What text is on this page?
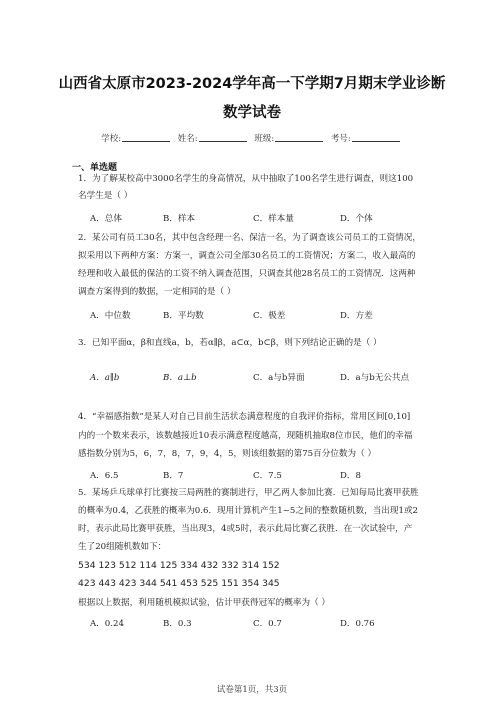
山西省太原市2023-2024学年高一下学期7月期末学业诊断
数学试卷
学校:	姓名:	班级:	考号:
一、单选题
1．为了解某校高中3000名学生的身高情况，从中抽取了100名学生进行调查，则这100
名学生是（ ）
A．总体	B．样本	C．样本量	D．个体
2．某公司有员工30名，其中包含经理一名、保洁一名，为了调查该公司员工的工资情况，
拟采用以下两种方案：方案一，调查公司全部30名员工的工资情况；方案二，收入最高的
经理和收入最低的保洁的工资不纳入调查范围，只调查其他28名员工的工资情况．这两种
调查方案得到的数据，一定相同的是（ ）
A．中位数	B．平均数	C．极差	D．方差
3．已知平面α，β和直线a，b，若α∥β，a⊂α，b⊂β，则下列结论正确的是（ ）
A．a∥b	B．a⊥b	C．a与b异面	D．a与b无公共点
4．“幸福感指数”是某人对自己目前生活状态满意程度的自我评价指标，常用区间[0,10]
内的一个数来表示，该数越接近10表示满意程度越高，现随机抽取8位市民，他们的幸福
感指数分别为5，6，7，8，7，9，4，5，则该组数据的第75百分位数为（ ）
A．6.5	B．7	C．7.5	D．8
5．某场乒乓球单打比赛按三局两胜的赛制进行，甲乙两人参加比赛．已知每局比赛甲获胜
的概率为0.4，乙获胜的概率为0.6．现用计算机产生1~5之间的整数随机数，当出现1或2
时，表示此局比赛甲获胜，当出现3，4或5时，表示此局比赛乙获胜．在一次试验中，产
生了20组随机数如下：
534 123 512 114 125 334 432 332 314 152
423 443 423 344 541 453 525 151 354 345
根据以上数据，利用随机模拟试验，估计甲获得冠军的概率为（ ）
A．0.24	B．0.3	C．0.7	D．0.76
试卷第1页，共3页
